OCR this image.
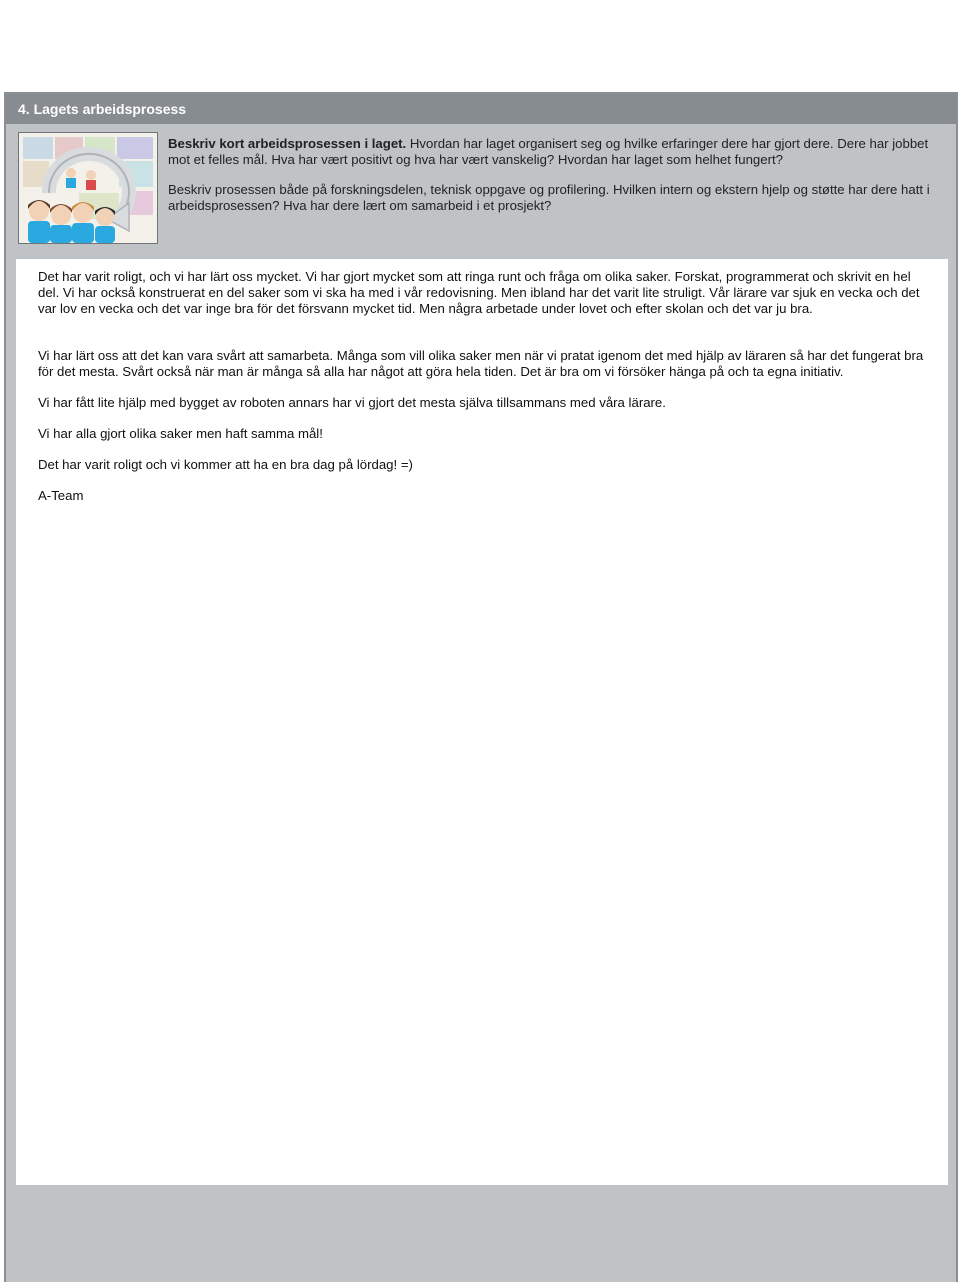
4. Lagets arbeidsprosess

Beskriv kort arbeidsprosessen i laget. Hvordan har laget organisert seg og hvilke erfaringer dere har gjort dere. Dere har jobbet mot et felles mål. Hva har vært positivt og hva har vært vanskelig? Hvordan har laget som helhet fungert?

Beskriv prosessen både på forskningsdelen, teknisk oppgave og profilering. Hvilken intern og ekstern hjelp og støtte har dere hatt i arbeidsprosessen? Hva har dere lært om samarbeid i et prosjekt?

Det har varit roligt, och vi har lärt oss mycket. Vi har gjort mycket som att ringa runt och fråga om olika saker. Forskat, programmerat och skrivit en hel del. Vi har också konstruerat en del saker som vi ska ha med i vår redovisning. Men ibland har det varit lite struligt. Vår lärare var sjuk en vecka och det var lov en vecka och det var inge bra för det försvann mycket tid. Men några arbetade under lovet och efter skolan och det var ju bra.

Vi har lärt oss att det kan vara svårt att samarbeta. Många som vill olika saker men när vi pratat igenom det med hjälp av läraren så har det fungerat bra för det mesta. Svårt också när man är många så alla har något att göra hela tiden. Det är bra om vi försöker hänga på och ta egna initiativ.

Vi har fått lite hjälp med bygget av roboten annars har vi gjort det mesta själva tillsammans med våra lärare.

Vi har alla gjort olika saker men haft samma mål!

Det har varit roligt och vi kommer att ha en bra dag på lördag! =)

A-Team
